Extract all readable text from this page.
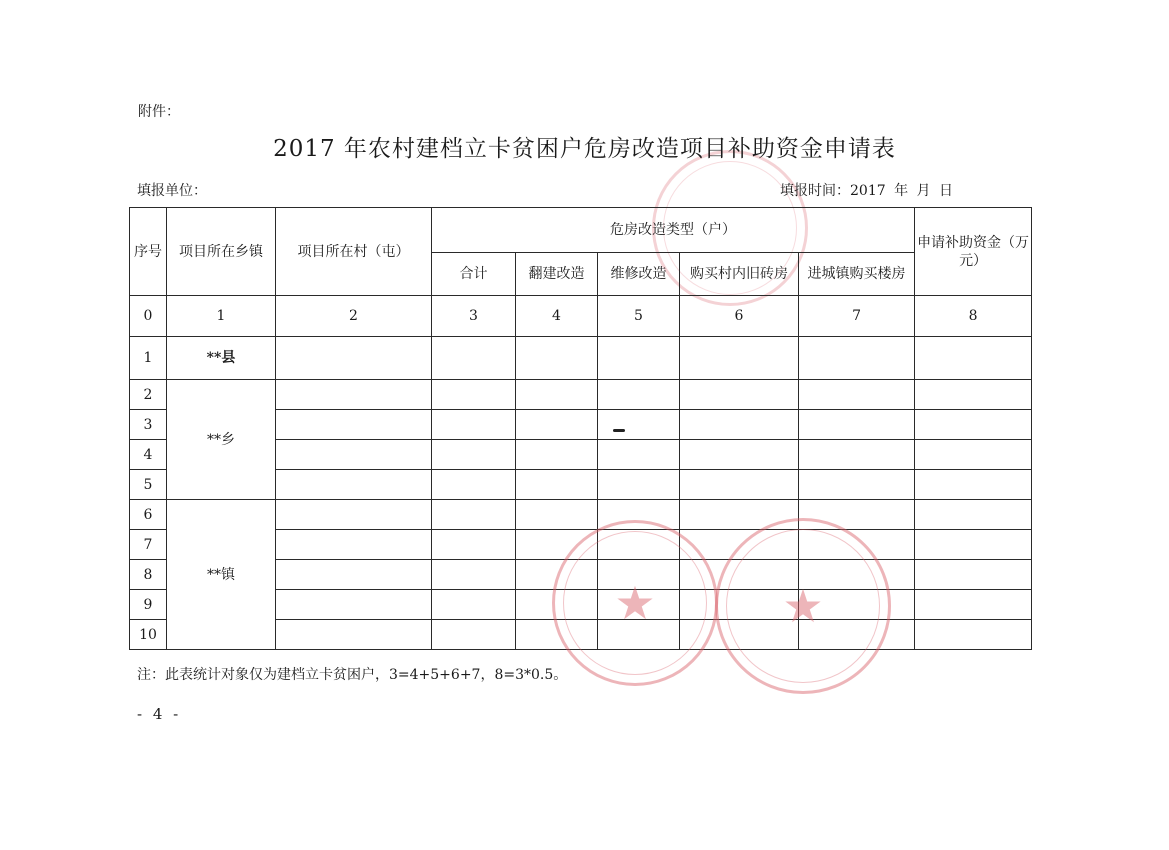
附件：
2017 年农村建档立卡贫困户危房改造项目补助资金申请表
填报单位：	填报时间：2017 年 月 日
序号	项目所在乡镇	项目所在村（屯）	危房改造类型（户）					申请补助资金（万元）
			合计	翻建改造	维修改造	购买村内旧砖房	进城镇购买楼房	
0	1	2	3	4	5	6	7	8
1	**县							
2	**乡							
3								
4								
5								
6	**镇							
7								
8								
9								
10								
★	★
注：此表统计对象仅为建档立卡贫困户，3=4+5+6+7，8=3*0.5。
- 4 -
